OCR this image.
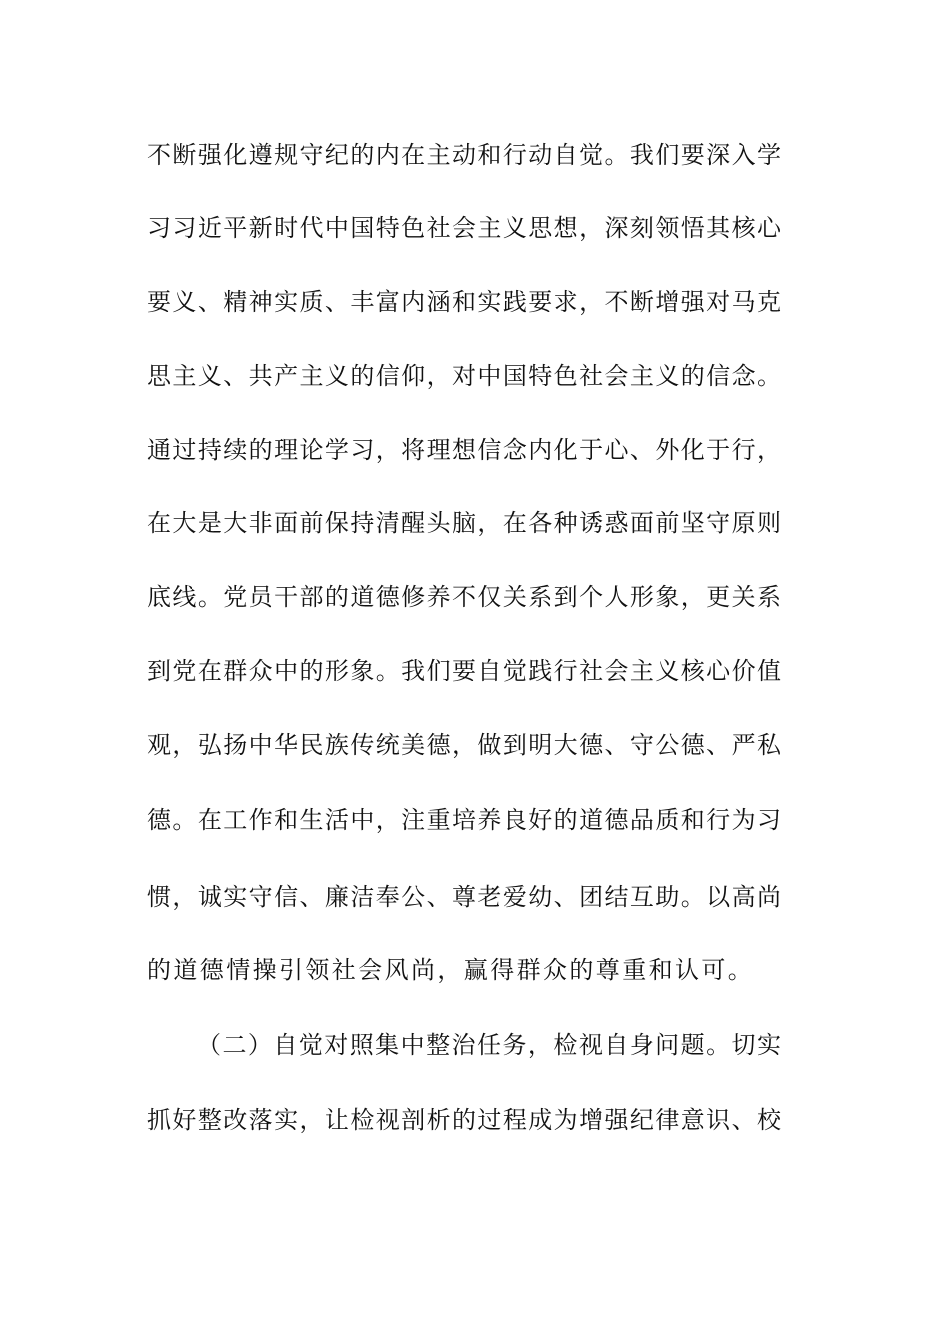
不断强化遵规守纪的内在主动和行动自觉。我们要深入学
习习近平新时代中国特色社会主义思想，深刻领悟其核心
要义、精神实质、丰富内涵和实践要求，不断增强对马克
思主义、共产主义的信仰，对中国特色社会主义的信念。
通过持续的理论学习，将理想信念内化于心、外化于行，
在大是大非面前保持清醒头脑，在各种诱惑面前坚守原则
底线。党员干部的道德修养不仅关系到个人形象，更关系
到党在群众中的形象。我们要自觉践行社会主义核心价值
观，弘扬中华民族传统美德，做到明大德、守公德、严私
德。在工作和生活中，注重培养良好的道德品质和行为习
惯，诚实守信、廉洁奉公、尊老爱幼、团结互助。以高尚
的道德情操引领社会风尚，赢得群众的尊重和认可。
（二）自觉对照集中整治任务，检视自身问题。切实
抓好整改落实，让检视剖析的过程成为增强纪律意识、校
